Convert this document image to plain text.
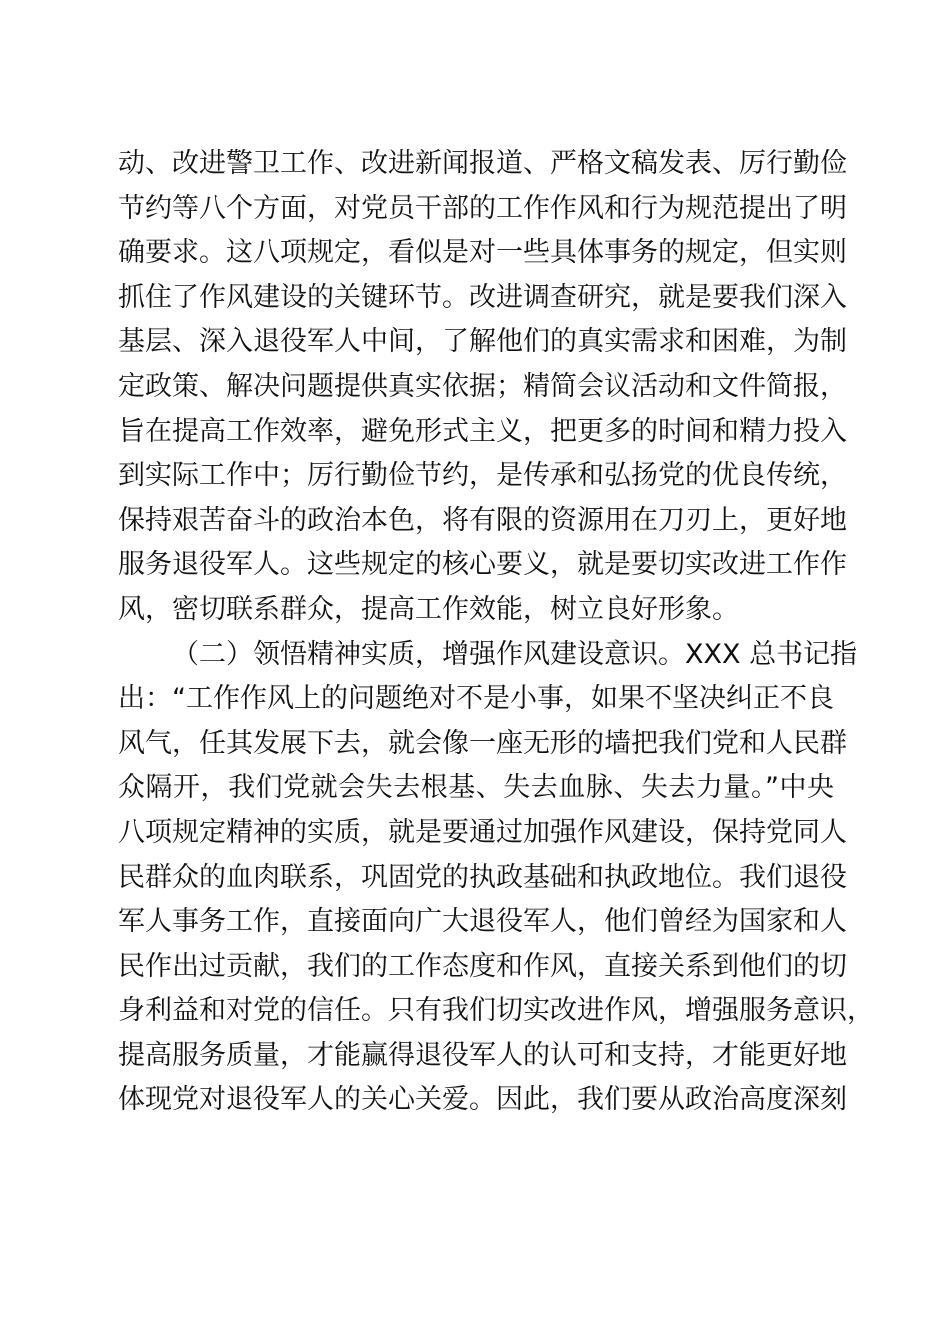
动、改进警卫工作、改进新闻报道、严格文稿发表、厉行勤俭
节约等八个方面，对党员干部的工作作风和行为规范提出了明
确要求。这八项规定，看似是对一些具体事务的规定，但实则
抓住了作风建设的关键环节。改进调查研究，就是要我们深入
基层、深入退役军人中间，了解他们的真实需求和困难，为制
定政策、解决问题提供真实依据；精简会议活动和文件简报，
旨在提高工作效率，避免形式主义，把更多的时间和精力投入
到实际工作中；厉行勤俭节约，是传承和弘扬党的优良传统，
保持艰苦奋斗的政治本色，将有限的资源用在刀刃上，更好地
服务退役军人。这些规定的核心要义，就是要切实改进工作作
风，密切联系群众，提高工作效能，树立良好形象。
（二）领悟精神实质，增强作风建设意识。XXX 总书记指
出：“工作作风上的问题绝对不是小事，如果不坚决纠正不良
风气，任其发展下去，就会像一座无形的墙把我们党和人民群
众隔开，我们党就会失去根基、失去血脉、失去力量。”中央
八项规定精神的实质，就是要通过加强作风建设，保持党同人
民群众的血肉联系，巩固党的执政基础和执政地位。我们退役
军人事务工作，直接面向广大退役军人，他们曾经为国家和人
民作出过贡献，我们的工作态度和作风，直接关系到他们的切
身利益和对党的信任。只有我们切实改进作风，增强服务意识，
提高服务质量，才能赢得退役军人的认可和支持，才能更好地
体现党对退役军人的关心关爱。因此，我们要从政治高度深刻
